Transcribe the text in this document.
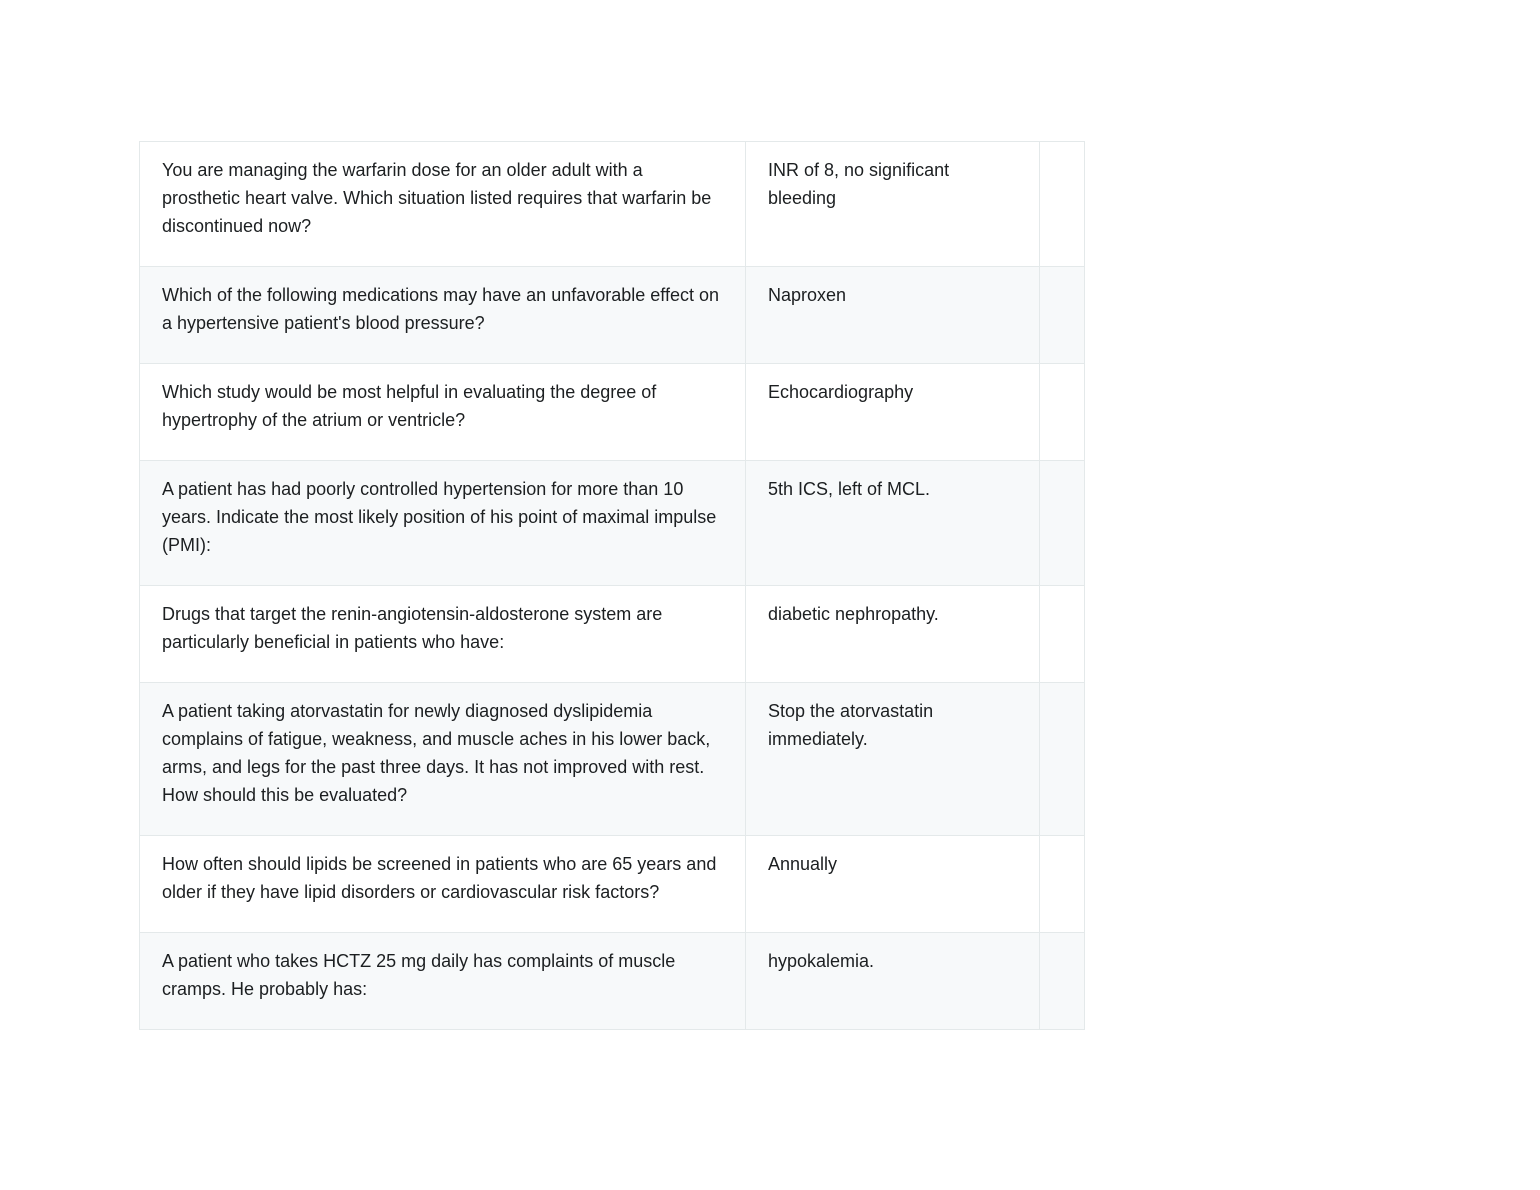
You are managing the warfarin dose for an older adult with a prosthetic heart valve. Which situation listed requires that warfarin be discontinued now?	INR of 8, no significant bleeding	
Which of the following medications may have an unfavorable effect on a hypertensive patient's blood pressure?	Naproxen	
Which study would be most helpful in evaluating the degree of hypertrophy of the atrium or ventricle?	Echocardiography	
A patient has had poorly controlled hypertension for more than 10 years. Indicate the most likely position of his point of maximal impulse (PMI):	5th ICS, left of MCL.	
Drugs that target the renin-angiotensin-aldosterone system are particularly beneficial in patients who have:	diabetic nephropathy.	
A patient taking atorvastatin for newly diagnosed dyslipidemia complains of fatigue, weakness, and muscle aches in his lower back, arms, and legs for the past three days. It has not improved with rest. How should this be evaluated?	Stop the atorvastatin immediately.	
How often should lipids be screened in patients who are 65 years and older if they have lipid disorders or cardiovascular risk factors?	Annually	
A patient who takes HCTZ 25 mg daily has complaints of muscle cramps. He probably has:	hypokalemia.	
